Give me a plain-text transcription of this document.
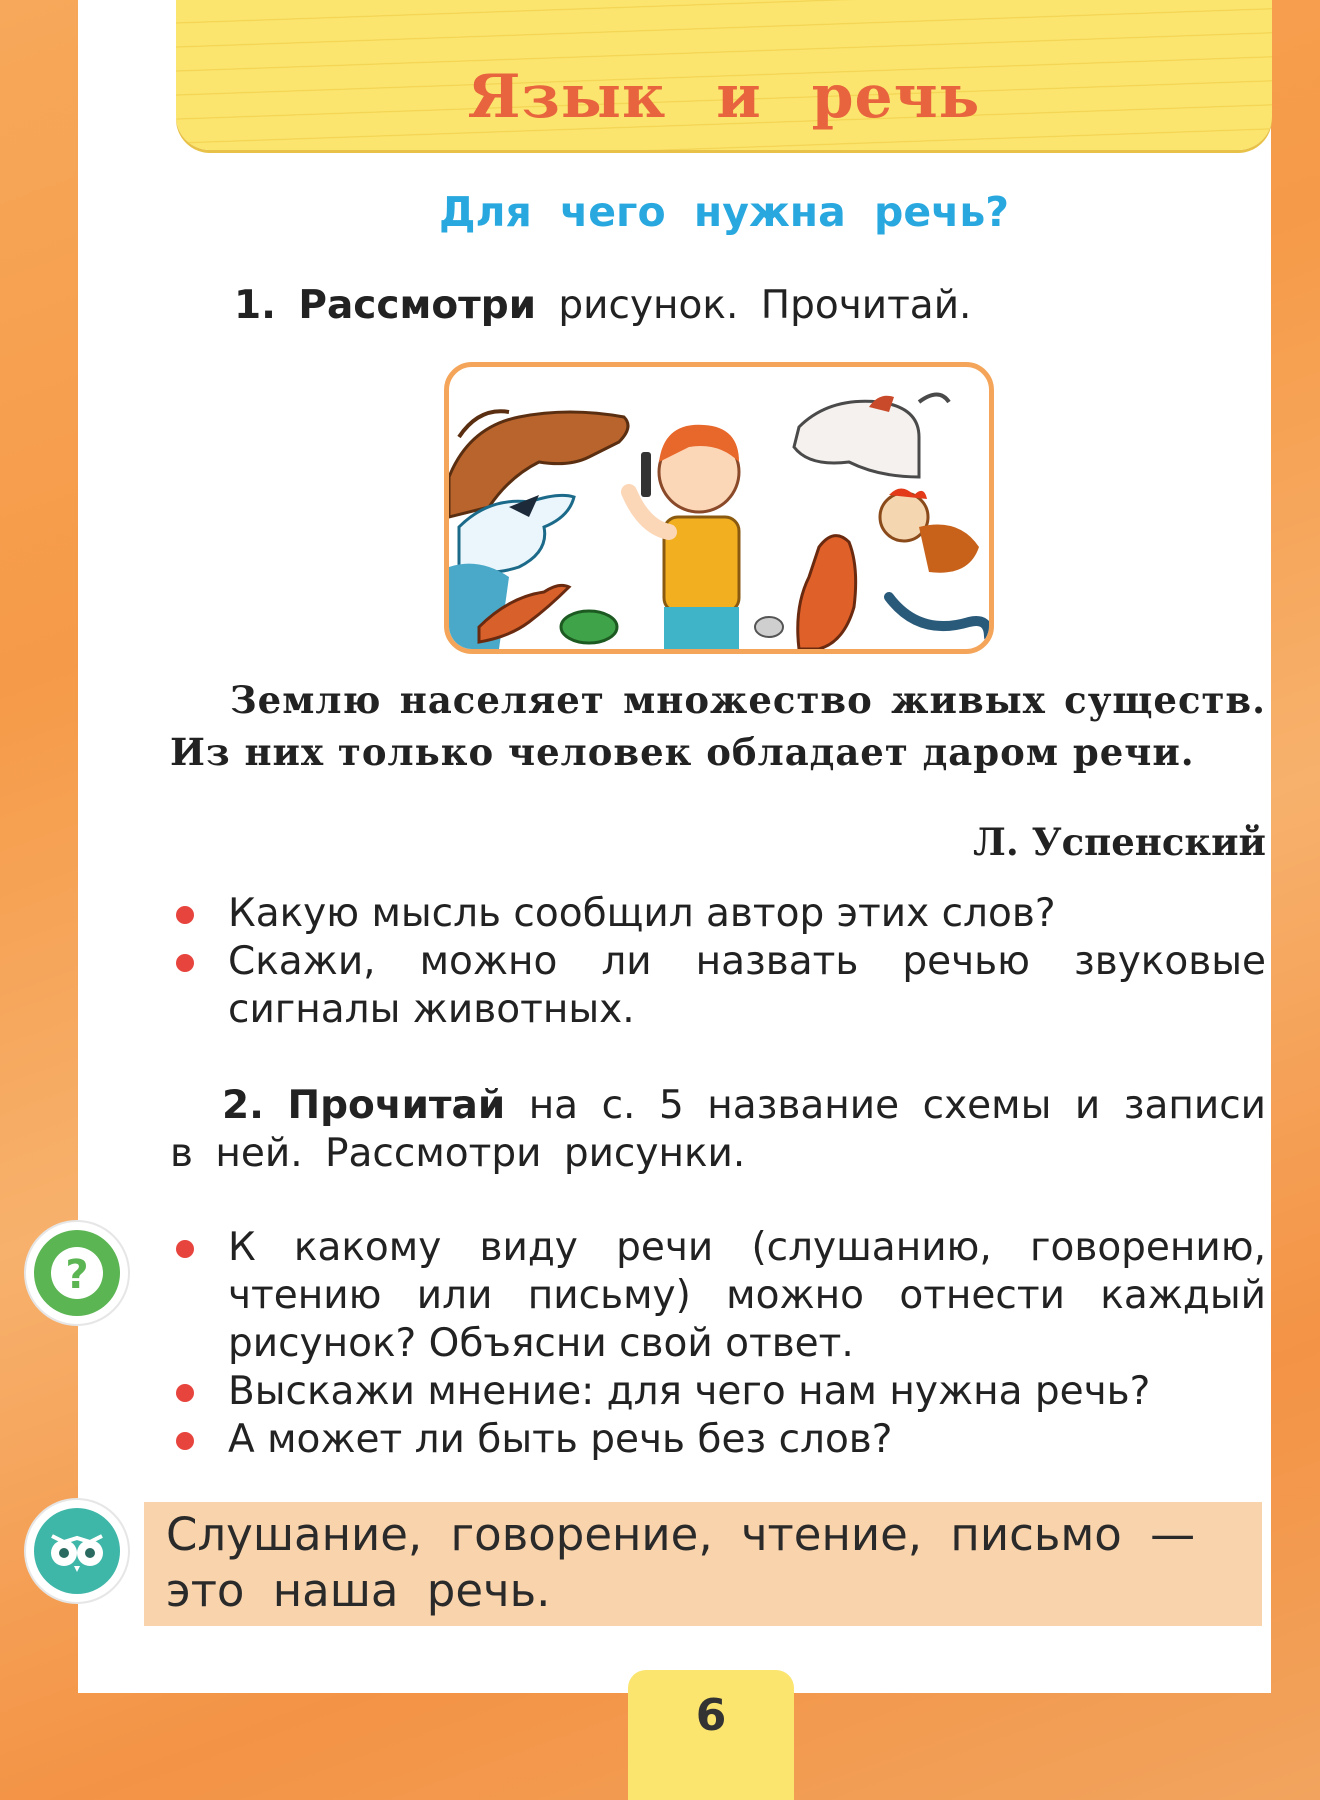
Язык и речь
Для чего нужна речь?
1. Рассмотри рисунок. Прочитай.
Землю населяет множество живых существ. Из них только человек обладает даром речи.
Л. Успенский
Какую мысль сообщил автор этих слов?
Скажи, можно ли назвать речью звуковые сигналы животных.
2. Прочитай на с. 5 название схемы и записи в ней. Рассмотри рисунки.
?
К какому виду речи (слушанию, говорению, чтению или письму) можно отнести каждый рисунок? Объясни свой ответ.
Выскажи мнение: для чего нам нужна речь?
А может ли быть речь без слов?
Слушание, говорение, чтение, письмо — это наша речь.
6
